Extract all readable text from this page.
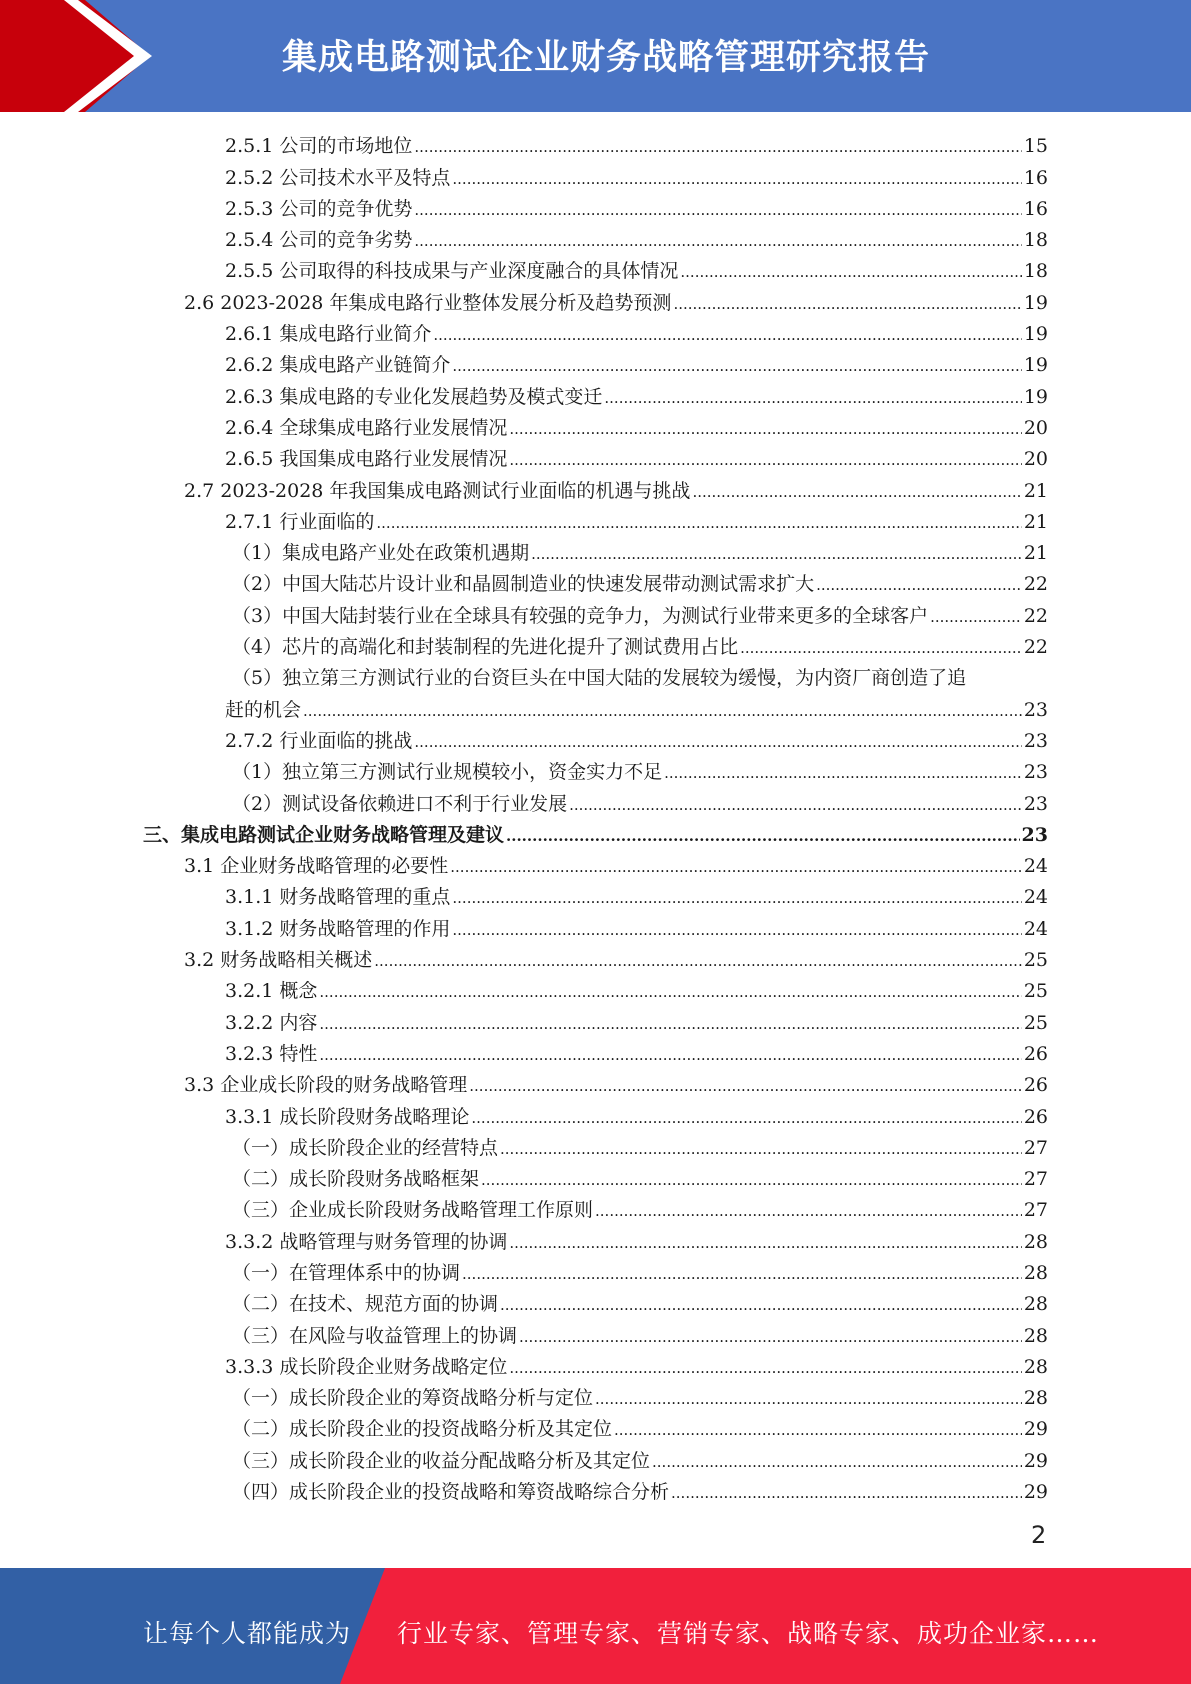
集成电路测试企业财务战略管理研究报告
2.5.1 公司的市场地位 .....	15
2.5.2 公司技术水平及特点 .....	16
2.5.3 公司的竞争优势 .....	16
2.5.4 公司的竞争劣势 .....	18
2.5.5 公司取得的科技成果与产业深度融合的具体情况 .....	18
2.6 2023-2028 年集成电路行业整体发展分析及趋势预测 .....	19
2.6.1 集成电路行业简介 .....	19
2.6.2 集成电路产业链简介 .....	19
2.6.3 集成电路的专业化发展趋势及模式变迁 .....	19
2.6.4 全球集成电路行业发展情况 .....	20
2.6.5 我国集成电路行业发展情况 .....	20
2.7 2023-2028 年我国集成电路测试行业面临的机遇与挑战 .....	21
2.7.1 行业面临的 .....	21
（1）集成电路产业处在政策机遇期 .....	21
（2）中国大陆芯片设计业和晶圆制造业的快速发展带动测试需求扩大 .....	22
（3）中国大陆封装行业在全球具有较强的竞争力，为测试行业带来更多的全球客户 .....	22
（4）芯片的高端化和封装制程的先进化提升了测试费用占比 .....	22
（5）独立第三方测试行业的台资巨头在中国大陆的发展较为缓慢，为内资厂商创造了追
赶的机会 .....	23
2.7.2 行业面临的挑战 .....	23
（1）独立第三方测试行业规模较小，资金实力不足 .....	23
（2）测试设备依赖进口不利于行业发展 .....	23
三、集成电路测试企业财务战略管理及建议 .....	23
3.1 企业财务战略管理的必要性 .....	24
3.1.1 财务战略管理的重点 .....	24
3.1.2 财务战略管理的作用 .....	24
3.2 财务战略相关概述 .....	25
3.2.1 概念 .....	25
3.2.2 内容 .....	25
3.2.3 特性 .....	26
3.3 企业成长阶段的财务战略管理 .....	26
3.3.1 成长阶段财务战略理论 .....	26
（一）成长阶段企业的经营特点 .....	27
（二）成长阶段财务战略框架 .....	27
（三）企业成长阶段财务战略管理工作原则 .....	27
3.3.2 战略管理与财务管理的协调 .....	28
（一）在管理体系中的协调 .....	28
（二）在技术、规范方面的协调 .....	28
（三）在风险与收益管理上的协调 .....	28
3.3.3 成长阶段企业财务战略定位 .....	28
（一）成长阶段企业的筹资战略分析与定位 .....	28
（二）成长阶段企业的投资战略分析及其定位 .....	29
（三）成长阶段企业的收益分配战略分析及其定位 .....	29
（四）成长阶段企业的投资战略和筹资战略综合分析 .....	29
2
让每个人都能成为 行业专家、管理专家、营销专家、战略专家、成功企业家……
